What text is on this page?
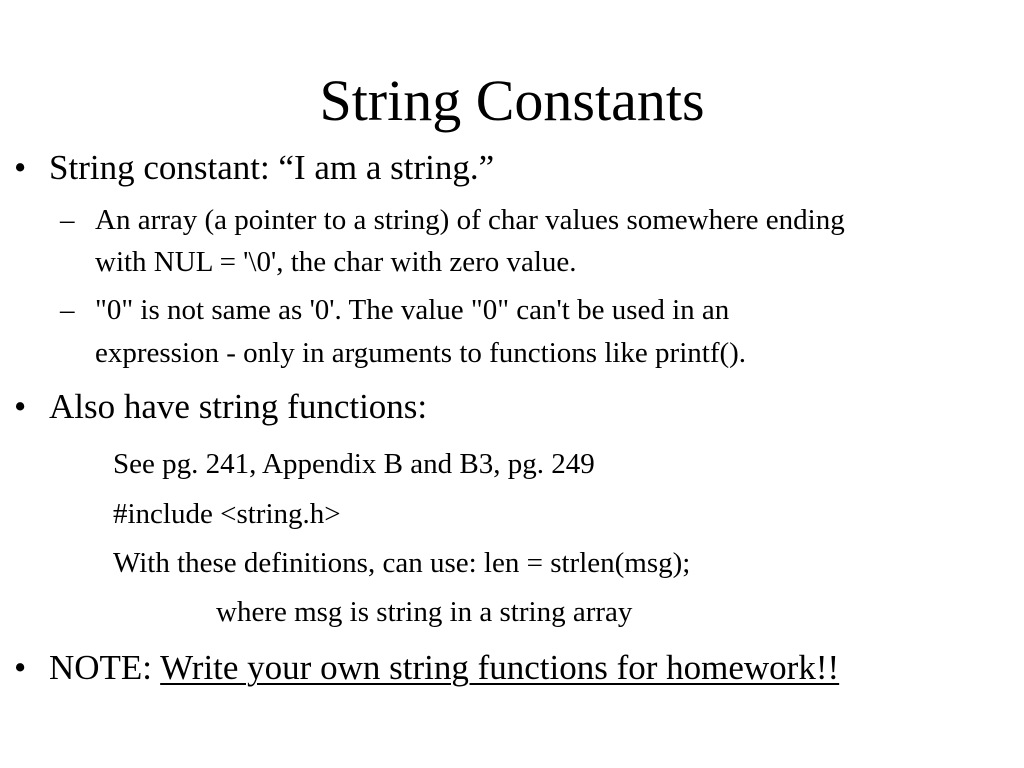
String Constants
• String constant: “I am a string.”
– An array (a pointer to a string) of char values somewhere ending
with NUL = '\0', the char with zero value.
– "0" is not same as '0'. The value "0" can't be used in an
expression - only in arguments to functions like printf().
• Also have string functions:
See pg. 241, Appendix B and B3, pg. 249
#include <string.h>
With these definitions, can use: len = strlen(msg);
where msg is string in a string array
• NOTE: Write your own string functions for homework!!
